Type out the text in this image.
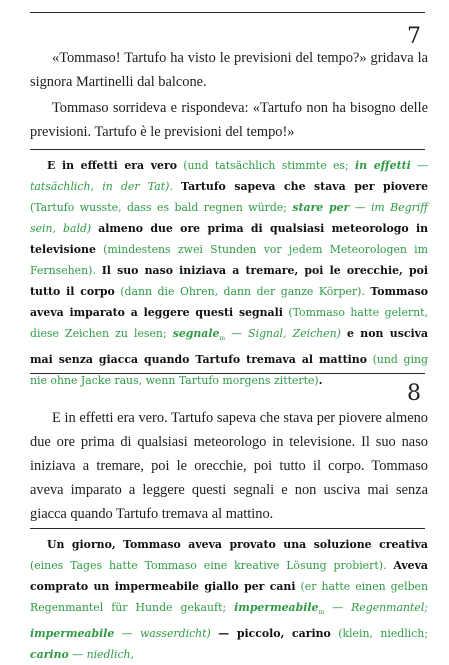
7

«Tommaso! Tartufo ha visto le previsioni del tempo?» gridava la signora Martinelli dal balcone.

Tommaso sorrideva e rispondeva: «Tartufo non ha bisogno delle previsioni. Tartufo è le previsioni del tempo!»

E in effetti era vero (und tatsächlich stimmte es; in effetti — tatsächlich, in der Tat). Tartufo sapeva che stava per piovere (Tartufo wusste, dass es bald regnen würde; stare per — im Begriff sein, bald) almeno due ore prima di qualsiasi meteorologo in televisione (mindestens zwei Stunden vor jedem Meteorologen im Fernsehen). Il suo naso iniziava a tremare, poi le orecchie, poi tutto il corpo (dann die Ohren, dann der ganze Körper). Tommaso aveva imparato a leggere questi segnali (Tommaso hatte gelernt, diese Zeichen zu lesen; segnale$_m$ — Signal, Zeichen) e non usciva mai senza giacca quando Tartufo tremava al mattino (und ging nie ohne Jacke raus, wenn Tartufo morgens zitterte).

8

E in effetti era vero. Tartufo sapeva che stava per piovere almeno due ore prima di qualsiasi meteorologo in televisione. Il suo naso iniziava a tremare, poi le orecchie, poi tutto il corpo. Tommaso aveva imparato a leggere questi segnali e non usciva mai senza giacca quando Tartufo tremava al mattino.

Un giorno, Tommaso aveva provato una soluzione creativa (eines Tages hatte Tommaso eine kreative Lösung probiert). Aveva comprato un impermeabile giallo per cani (er hatte einen gelben Regenmantel für Hunde gekauft; impermeabile$_m$ — Regenmantel; impermeabile — wasserdicht) — piccolo, carino (klein, niedlich; carino — niedlich,
